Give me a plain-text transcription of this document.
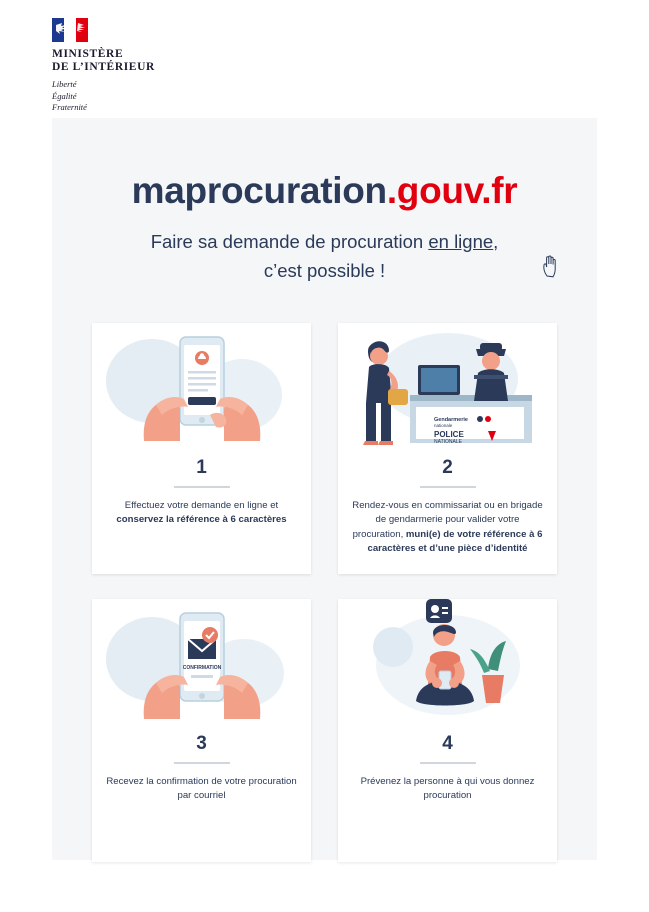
MINISTÈRE
DE L’INTÉRIEUR
Liberté
Égalité
Fraternité
maprocuration.gouv.fr
Faire sa demande de procuration en ligne,
c’est possible !
1
Effectuez votre demande en ligne et conservez la référence à 6 caractères
Gendarmerie
nationale
POLICE
NATIONALE
2
Rendez-vous en commissariat ou en brigade de gendarmerie pour valider votre procuration, muni(e) de votre référence à 6 caractères et d’une pièce d’identité
CONFIRMATION
3
Recevez la confirmation de votre procuration par courriel
4
Prévenez la personne à qui vous donnez procuration
